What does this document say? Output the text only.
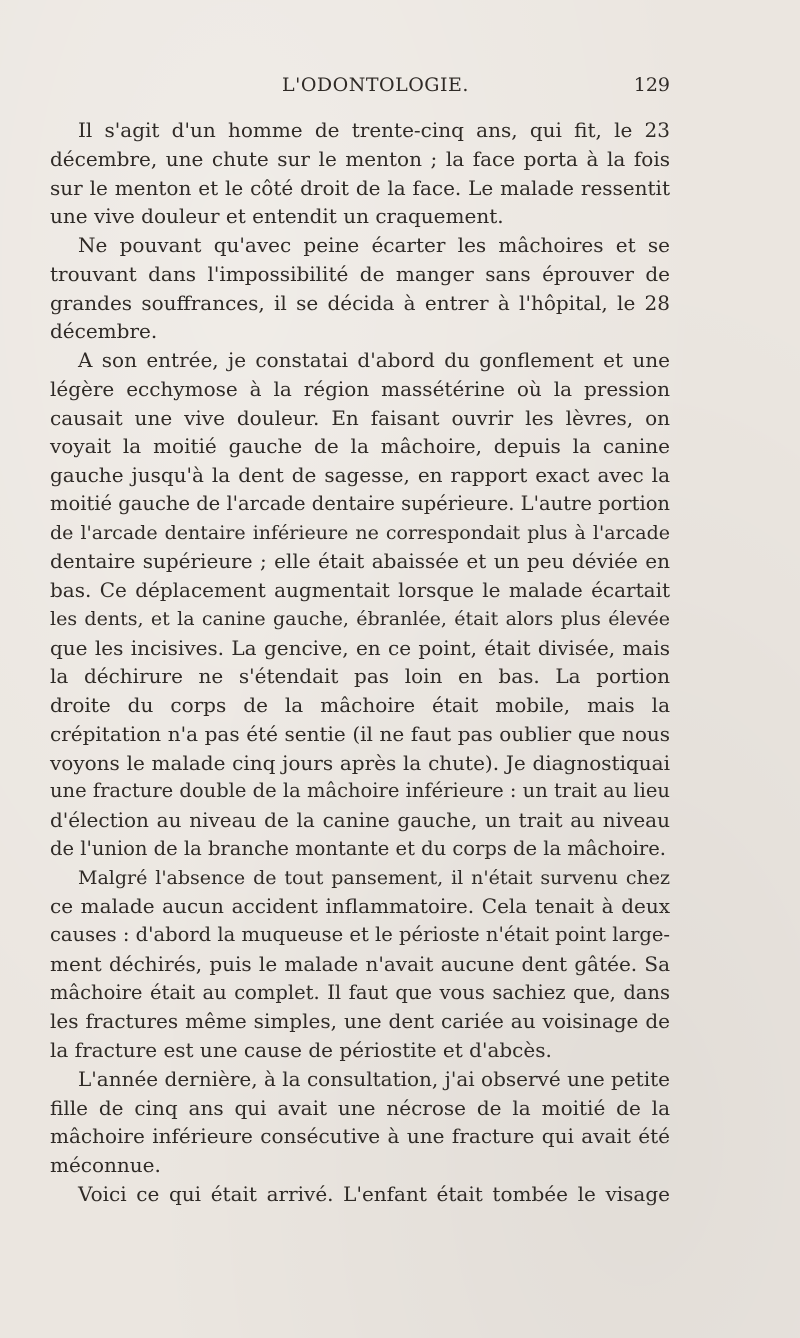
L'ODONTOLOGIE.	129
Il s'agit d'un homme de trente-cinq ans, qui fit, le 23
décembre, une chute sur le menton ; la face porta à la fois
sur le menton et le côté droit de la face. Le malade ressentit
une vive douleur et entendit un craquement.
Ne pouvant qu'avec peine écarter les mâchoires et se
trouvant dans l'impossibilité de manger sans éprouver de
grandes souffrances, il se décida à entrer à l'hôpital, le 28
décembre.
A son entrée, je constatai d'abord du gonflement et une
légère ecchymose à la région massétérine où la pression
causait une vive douleur. En faisant ouvrir les lèvres, on
voyait la moitié gauche de la mâchoire, depuis la canine
gauche jusqu'à la dent de sagesse, en rapport exact avec la
moitié gauche de l'arcade dentaire supérieure. L'autre portion
de l'arcade dentaire inférieure ne correspondait plus à l'arcade
dentaire supérieure ; elle était abaissée et un peu déviée en
bas. Ce déplacement augmentait lorsque le malade écartait
les dents, et la canine gauche, ébranlée, était alors plus élevée
que les incisives. La gencive, en ce point, était divisée, mais
la déchirure ne s'étendait pas loin en bas. La portion
droite du corps de la mâchoire était mobile, mais la
crépitation n'a pas été sentie (il ne faut pas oublier que nous
voyons le malade cinq jours après la chute). Je diagnostiquai
une fracture double de la mâchoire inférieure : un trait au lieu
d'élection au niveau de la canine gauche, un trait au niveau
de l'union de la branche montante et du corps de la mâchoire.
Malgré l'absence de tout pansement, il n'était survenu chez
ce malade aucun accident inflammatoire. Cela tenait à deux
causes : d'abord la muqueuse et le périoste n'était point large-
ment déchirés, puis le malade n'avait aucune dent gâtée. Sa
mâchoire était au complet. Il faut que vous sachiez que, dans
les fractures même simples, une dent cariée au voisinage de
la fracture est une cause de périostite et d'abcès.
L'année dernière, à la consultation, j'ai observé une petite
fille de cinq ans qui avait une nécrose de la moitié de la
mâchoire inférieure consécutive à une fracture qui avait été
méconnue.
Voici ce qui était arrivé. L'enfant était tombée le visage
